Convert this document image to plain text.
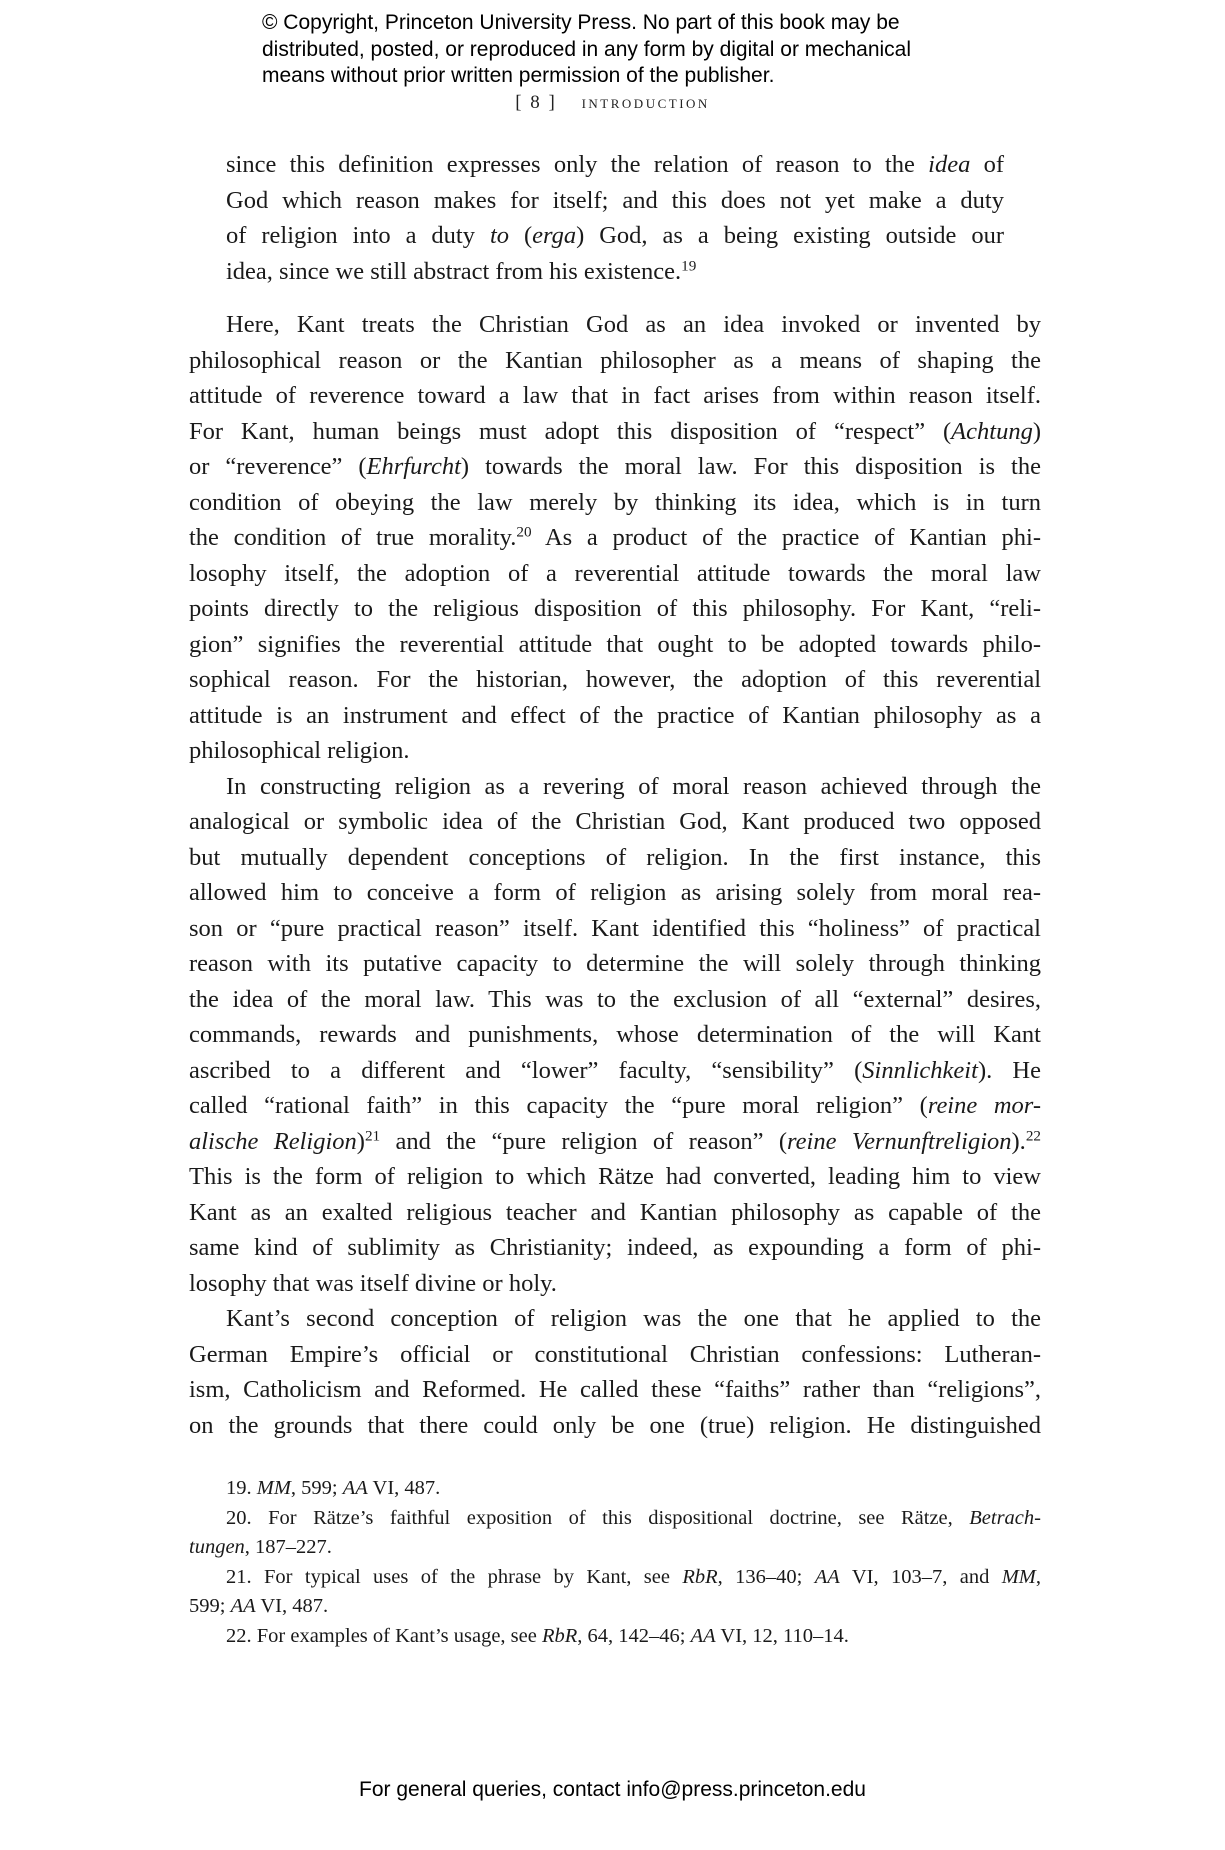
© Copyright, Princeton University Press. No part of this book may be
distributed, posted, or reproduced in any form by digital or mechanical
means without prior written permission of the publisher.
[ 8 ] introduction
since this definition expresses only the relation of reason to the idea of
God which reason makes for itself; and this does not yet make a duty
of religion into a duty to (erga) God, as a being existing outside our
idea, since we still abstract from his existence.$^{19}$
Here, Kant treats the Christian God as an idea invoked or invented by
philosophical reason or the Kantian philosopher as a means of shaping the
attitude of reverence toward a law that in fact arises from within reason itself.
For Kant, human beings must adopt this disposition of “respect” (Achtung)
or “reverence” (Ehrfurcht) towards the moral law. For this disposition is the
condition of obeying the law merely by thinking its idea, which is in turn
the condition of true morality.$^{20}$ As a product of the practice of Kantian phi-
losophy itself, the adoption of a reverential attitude towards the moral law
points directly to the religious disposition of this philosophy. For Kant, “reli-
gion” signifies the reverential attitude that ought to be adopted towards philo-
sophical reason. For the historian, however, the adoption of this reverential
attitude is an instrument and effect of the practice of Kantian philosophy as a
philosophical religion.
In constructing religion as a revering of moral reason achieved through the
analogical or symbolic idea of the Christian God, Kant produced two opposed
but mutually dependent conceptions of religion. In the first instance, this
allowed him to conceive a form of religion as arising solely from moral rea-
son or “pure practical reason” itself. Kant identified this “holiness” of practical
reason with its putative capacity to determine the will solely through thinking
the idea of the moral law. This was to the exclusion of all “external” desires,
commands, rewards and punishments, whose determination of the will Kant
ascribed to a different and “lower” faculty, “sensibility” (Sinnlichkeit). He
called “rational faith” in this capacity the “pure moral religion” (reine mor-
alische Religion)$^{21}$ and the “pure religion of reason” (reine Vernunftreligion).$^{22}$
This is the form of religion to which Rätze had converted, leading him to view
Kant as an exalted religious teacher and Kantian philosophy as capable of the
same kind of sublimity as Christianity; indeed, as expounding a form of phi-
losophy that was itself divine or holy.
Kant’s second conception of religion was the one that he applied to the
German Empire’s official or constitutional Christian confessions: Lutheran-
ism, Catholicism and Reformed. He called these “faiths” rather than “religions”,
on the grounds that there could only be one (true) religion. He distinguished
19. MM, 599; AA VI, 487.
20. For Rätze’s faithful exposition of this dispositional doctrine, see Rätze, Betrach-
tungen, 187–227.
21. For typical uses of the phrase by Kant, see RbR, 136–40; AA VI, 103–7, and MM,
599; AA VI, 487.
22. For examples of Kant’s usage, see RbR, 64, 142–46; AA VI, 12, 110–14.
For general queries, contact info@press.princeton.edu
